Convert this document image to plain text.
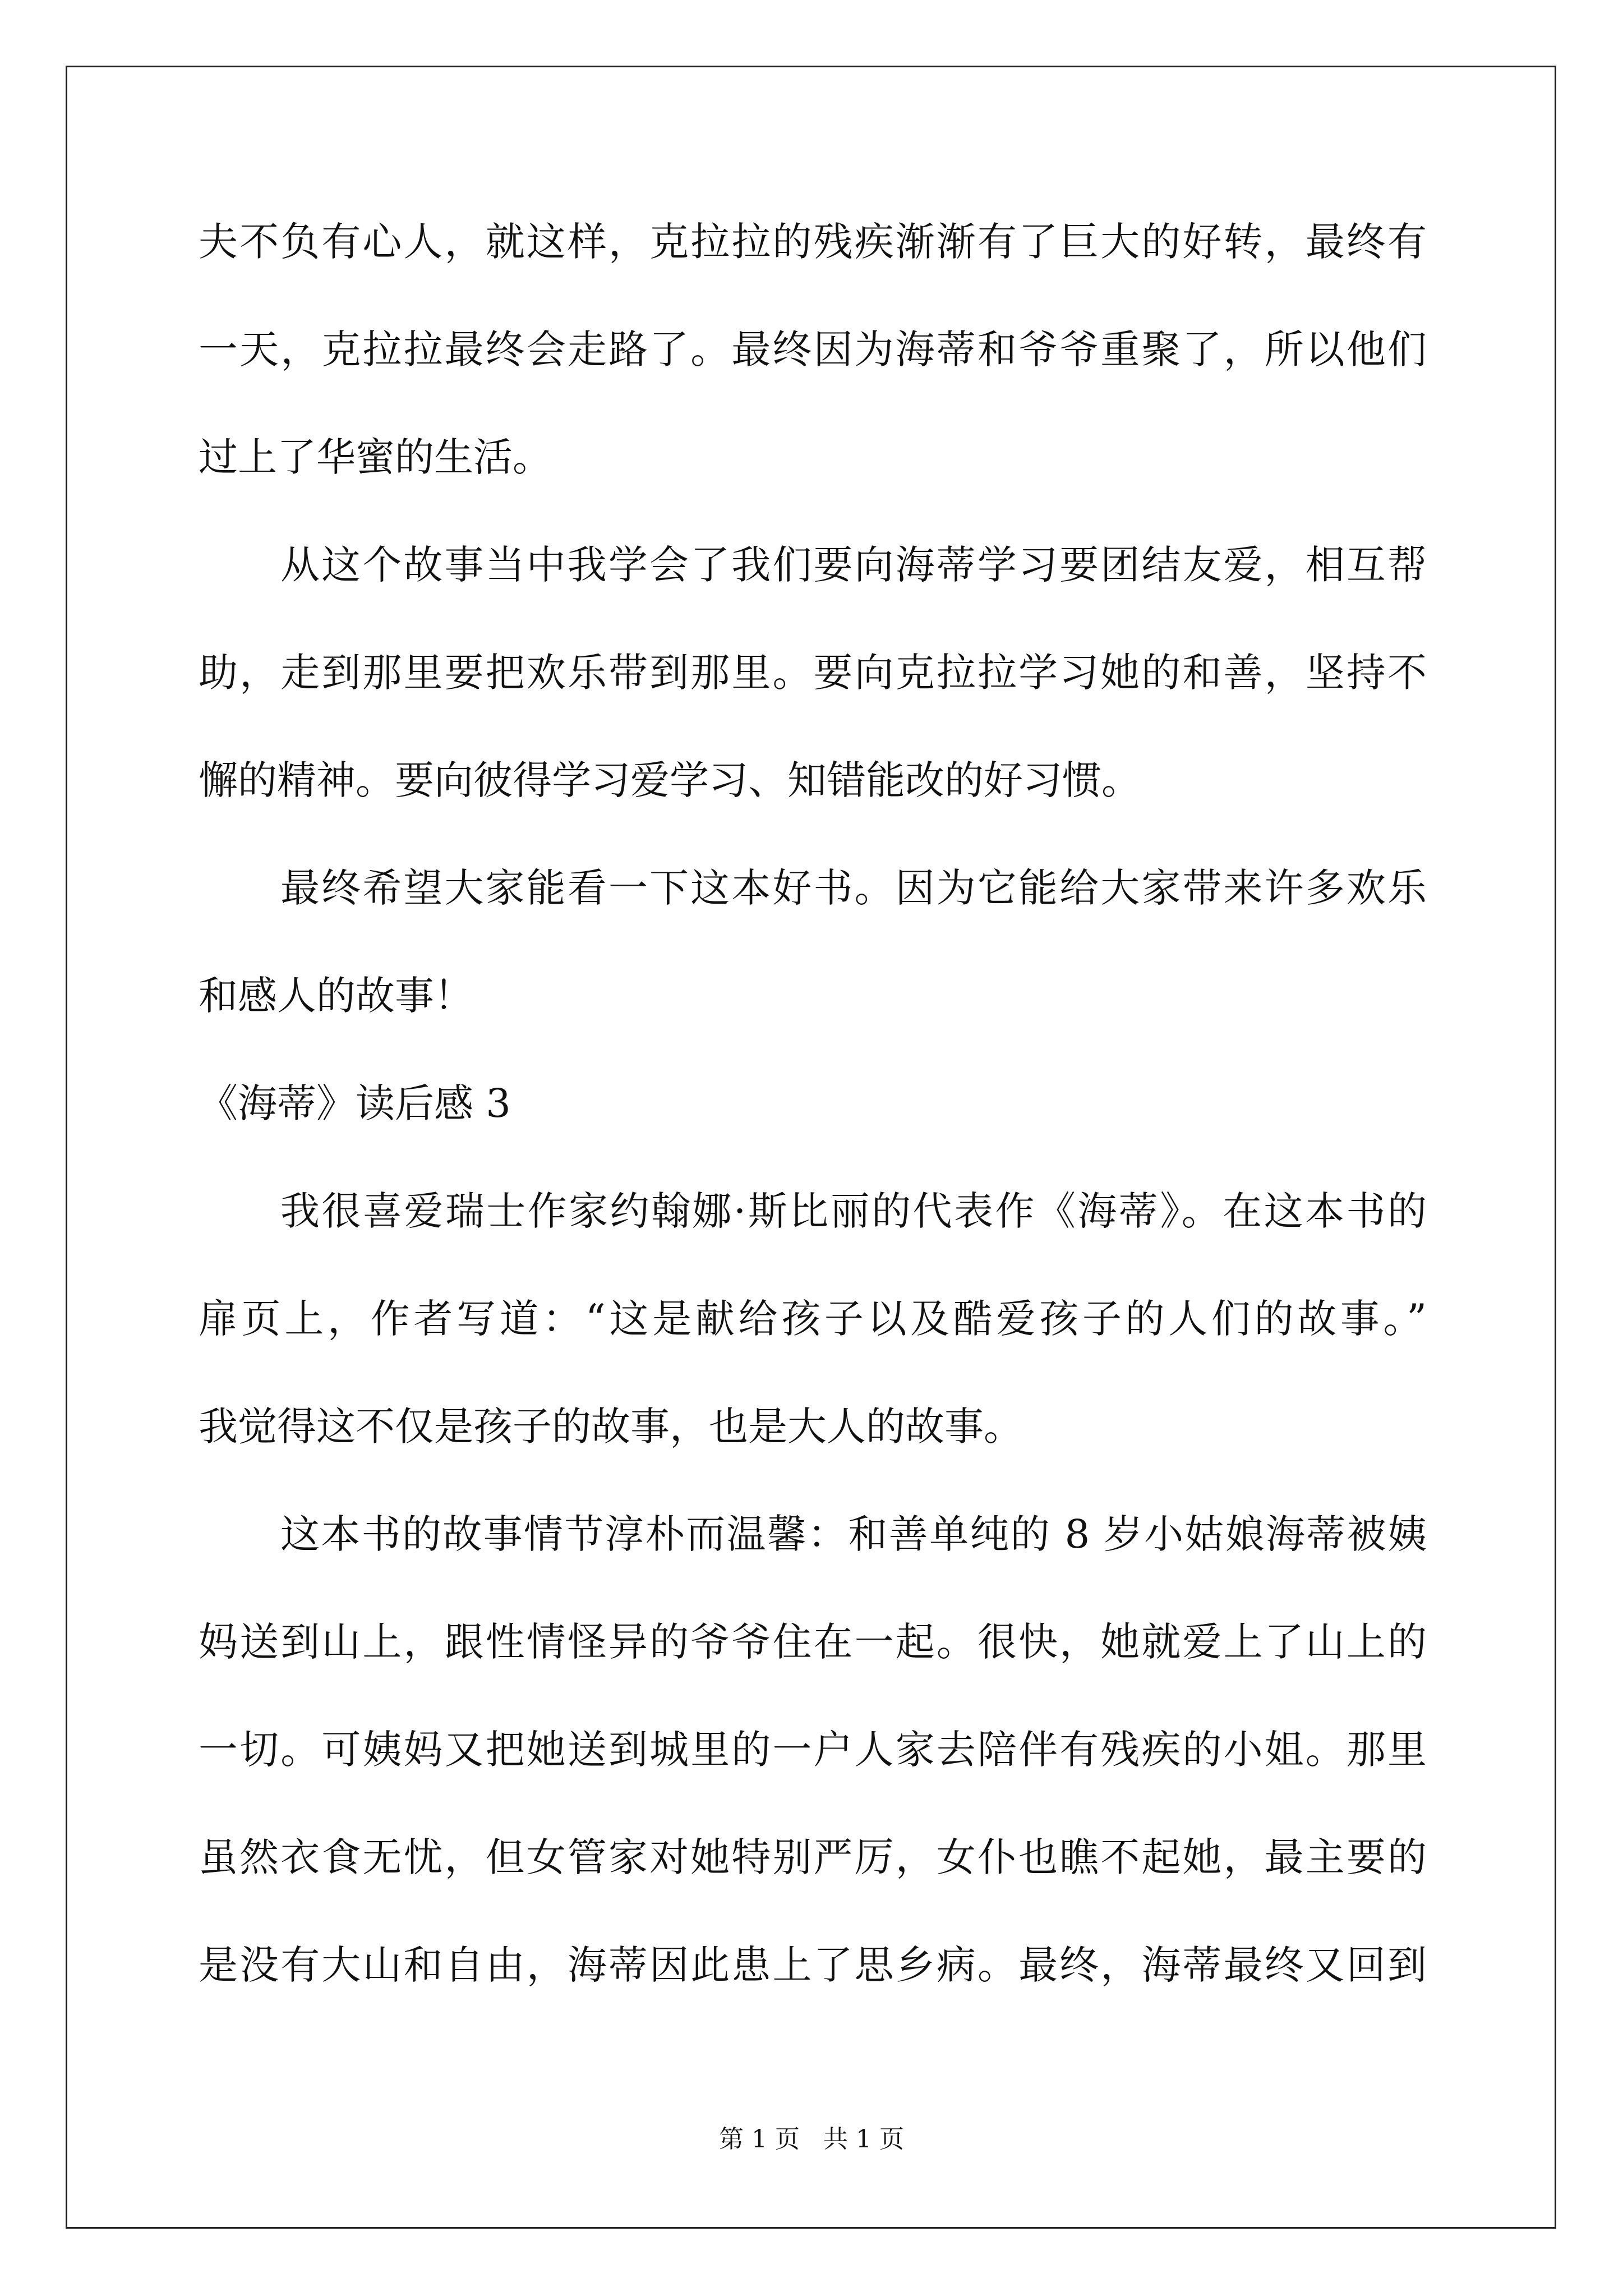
夫不负有心人，就这样，克拉拉的残疾渐渐有了巨大的好转，最终有
一天，克拉拉最终会走路了。最终因为海蒂和爷爷重聚了，所以他们
过上了华蜜的生活。
从这个故事当中我学会了我们要向海蒂学习要团结友爱，相互帮
助，走到那里要把欢乐带到那里。要向克拉拉学习她的和善，坚持不
懈的精神。要向彼得学习爱学习、知错能改的好习惯。
最终希望大家能看一下这本好书。因为它能给大家带来许多欢乐
和感人的故事！
《海蒂》读后感 3
我很喜爱瑞士作家约翰娜·斯比丽的代表作《海蒂》。在这本书的
扉页上，作者写道：“这是献给孩子以及酷爱孩子的人们的故事。”
我觉得这不仅是孩子的故事，也是大人的故事。
这本书的故事情节淳朴而温馨：和善单纯的 8 岁小姑娘海蒂被姨
妈送到山上，跟性情怪异的爷爷住在一起。很快，她就爱上了山上的
一切。可姨妈又把她送到城里的一户人家去陪伴有残疾的小姐。那里
虽然衣食无忧，但女管家对她特别严厉，女仆也瞧不起她，最主要的
是没有大山和自由，海蒂因此患上了思乡病。最终，海蒂最终又回到
第 1 页 共 1 页
